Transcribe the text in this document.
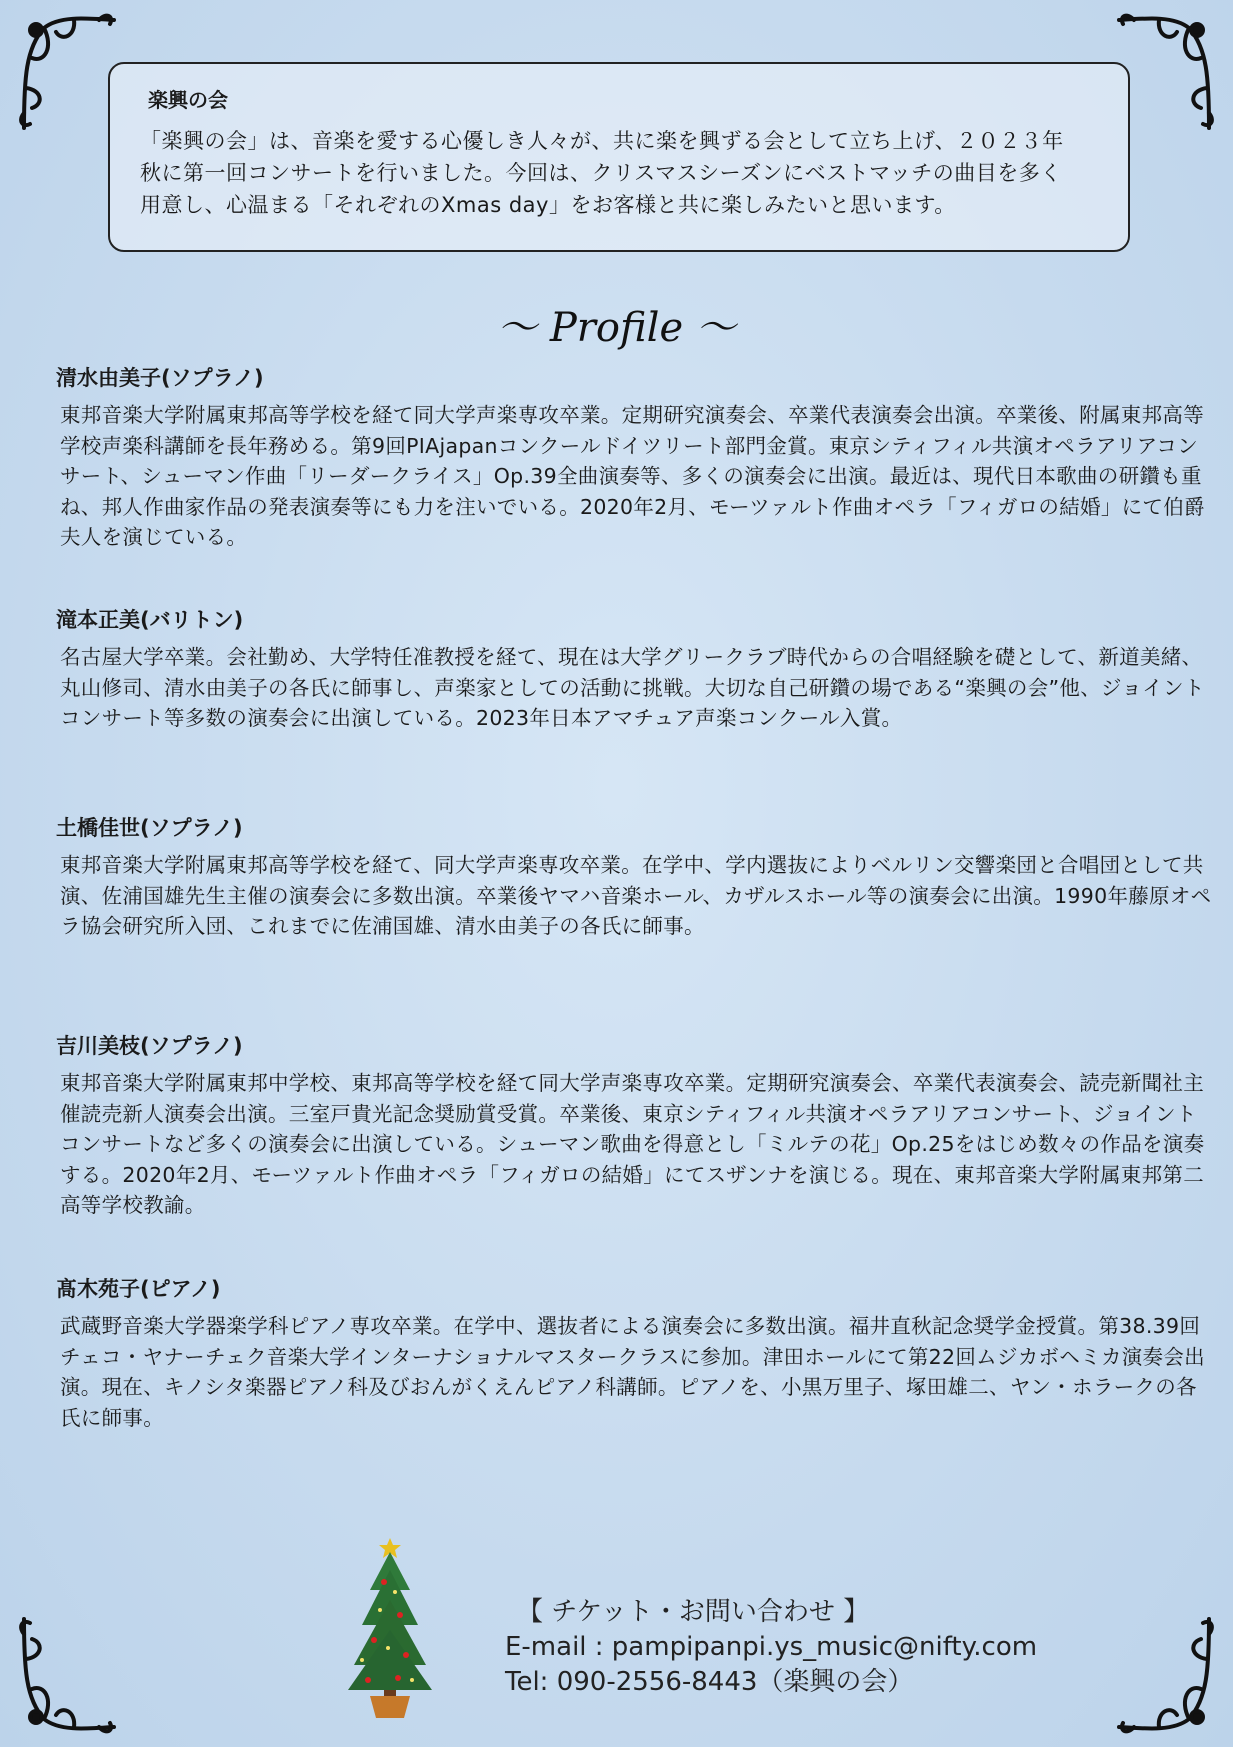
楽興の会

「楽興の会」は、音楽を愛する心優しき人々が、共に楽を興ずる会として立ち上げ、２０２３年秋に第一回コンサートを行いました。今回は、クリスマスシーズンにベストマッチの曲目を多く用意し、心温まる「それぞれのXmas day」をお客様と共に楽しみたいと思います。

〜 Profile 〜
清水由美子(ソプラノ)

東邦音楽大学附属東邦高等学校を経て同大学声楽専攻卒業。定期研究演奏会、卒業代表演奏会出演。卒業後、附属東邦高等学校声楽科講師を長年務める。第9回PIAjapanコンクールドイツリート部門金賞。東京シティフィル共演オペラアリアコンサート、シューマン作曲「リーダークライス」Op.39全曲演奏等、多くの演奏会に出演。最近は、現代日本歌曲の研鑽も重ね、邦人作曲家作品の発表演奏等にも力を注いでいる。2020年2月、モーツァルト作曲オペラ「フィガロの結婚」にて伯爵夫人を演じている。

滝本正美(バリトン)

名古屋大学卒業。会社勤め、大学特任准教授を経て、現在は大学グリークラブ時代からの合唱経験を礎として、新道美緒、丸山修司、清水由美子の各氏に師事し、声楽家としての活動に挑戦。大切な自己研鑽の場である“楽興の会”他、ジョイントコンサート等多数の演奏会に出演している。2023年日本アマチュア声楽コンクール入賞。

土橋佳世(ソプラノ)

東邦音楽大学附属東邦高等学校を経て、同大学声楽専攻卒業。在学中、学内選抜によりベルリン交響楽団と合唱団として共演、佐浦国雄先生主催の演奏会に多数出演。卒業後ヤマハ音楽ホール、カザルスホール等の演奏会に出演。1990年藤原オペラ協会研究所入団、これまでに佐浦国雄、清水由美子の各氏に師事。

吉川美枝(ソプラノ)

東邦音楽大学附属東邦中学校、東邦高等学校を経て同大学声楽専攻卒業。定期研究演奏会、卒業代表演奏会、読売新聞社主催読売新人演奏会出演。三室戸貴光記念奨励賞受賞。卒業後、東京シティフィル共演オペラアリアコンサート、ジョイントコンサートなど多くの演奏会に出演している。シューマン歌曲を得意とし「ミルテの花」Op.25をはじめ数々の作品を演奏する。2020年2月、モーツァルト作曲オペラ「フィガロの結婚」にてスザンナを演じる。現在、東邦音楽大学附属東邦第二高等学校教諭。

髙木苑子(ピアノ)

武蔵野音楽大学器楽学科ピアノ専攻卒業。在学中、選抜者による演奏会に多数出演。福井直秋記念奨学金授賞。第38.39回チェコ・ヤナーチェク音楽大学インターナショナルマスタークラスに参加。津田ホールにて第22回ムジカボヘミカ演奏会出演。現在、キノシタ楽器ピアノ科及びおんがくえんピアノ科講師。ピアノを、小黒万里子、塚田雄二、ヤン・ホラークの各氏に師事。

【 チケット・お問い合わせ 】
E-mail : pampipanpi.ys_music@nifty.com
Tel: 090-2556-8443（楽興の会）
